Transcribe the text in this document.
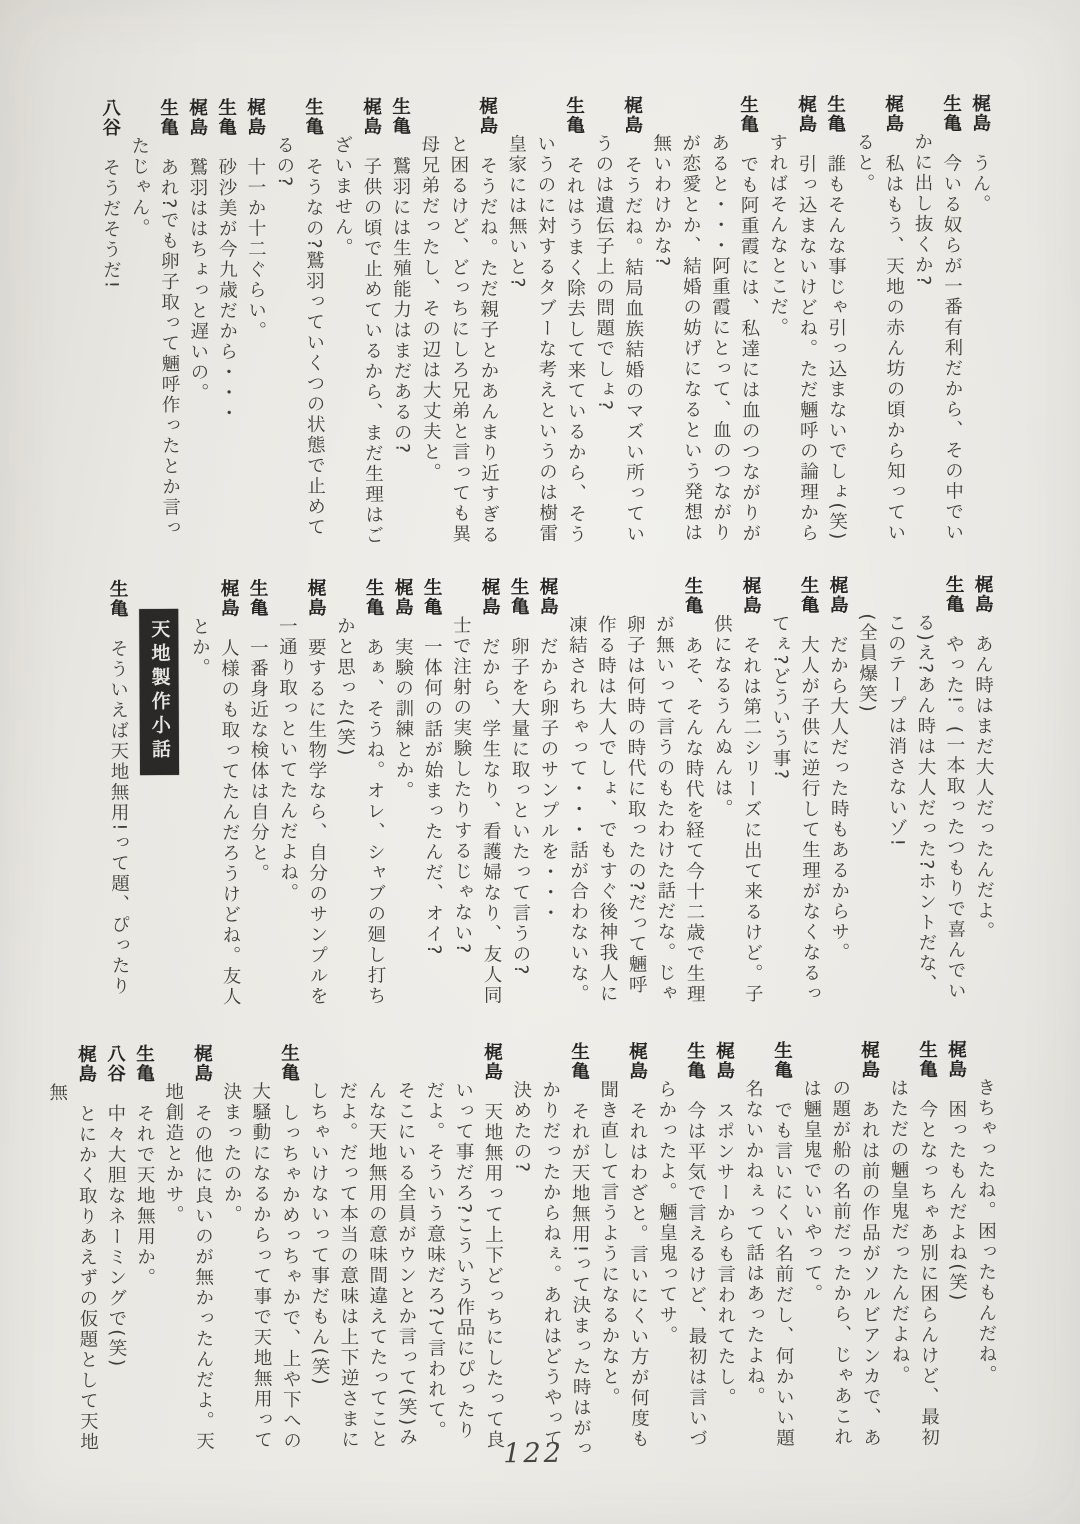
梶島　うん。

生亀　今いる奴らが一番有利だから、その中でいかに出し抜くか?

梶島　私はもう、天地の赤ん坊の頃から知っていると。

生亀　誰もそんな事じゃ引っ込まないでしょ(笑)

梶島　引っ込まないけどね。ただ魎呼の論理からすればそんなとこだ。

生亀　でも阿重霞には、私達には血のつながりがあると・・・阿重霞にとって、血のつながりが恋愛とか、結婚の妨げになるという発想は無いわけかな?

梶島　そうだね。結局血族結婚のマズい所っていうのは遺伝子上の問題でしょ?

生亀　それはうまく除去して来ているから、そういうのに対するタブーな考えというのは樹雷皇家には無いと?

梶島　そうだね。ただ親子とかあんまり近すぎると困るけど、どっちにしろ兄弟と言っても異母兄弟だったし、その辺は大丈夫と。

生亀　鷲羽には生殖能力はまだあるの?

梶島　子供の頃で止めているから、まだ生理はございません。

生亀　そうなの?鷲羽っていくつの状態で止めてるの?

梶島　十一か十二ぐらい。

生亀　砂沙美が今九歳だから・・・

梶島　鷲羽ははちょっと遅いの。

生亀　あれ?でも卵子取って魎呼作ったとか言ったじゃん。

八谷　そうだそうだ!

梶島　あん時はまだ大人だったんだよ。

生亀　やった!。(一本取ったつもりで喜んでいる)え?あん時は大人だった?ホントだな、このテープは消さないゾ!

(全員爆笑)

梶島　だから大人だった時もあるからサ。

生亀　大人が子供に逆行して生理がなくなるってぇ?どういう事?

梶島　それは第二シリーズに出て来るけど。子供になるうんぬんは。

生亀　あそ、そんな時代を経て今十二歳で生理が無いって言うのもたわけた話だな。じゃ卵子は何時の時代に取ったの?だって魎呼作る時は大人でしょ、でもすぐ後神我人に凍結されちゃって・・・話が合わないな。

梶島　だから卵子のサンプルを・・・

生亀　卵子を大量に取っといたって言うの?

梶島　だから、学生なり、看護婦なり、友人同士で注射の実験したりするじゃない?

生亀　一体何の話が始まったんだ、オイ?

梶島　実験の訓練とか。

生亀　あぁ、そうね。オレ、シャブの廻し打ちかと思った(笑)

梶島　要するに生物学なら、自分のサンプルを一通り取っといてたんだよね。

生亀　一番身近な検体は自分と。

梶島　人様のも取ってたんだろうけどね。友人とか。

天地製作小話

生亀　そういえば天地無用!って題、ぴったり

きちゃったね。困ったもんだね。

梶島　困ったもんだよね(笑)

生亀　今となっちゃあ別に困らんけど、最初はただの魎皇鬼だったんだよね。

梶島　あれは前の作品がソルビアンカで、あの題が船の名前だったから、じゃあこれは魎皇鬼でいいやって。

生亀　でも言いにくい名前だし、何かいい題名ないかねぇって話はあったよね。

梶島　スポンサーからも言われてたし。

生亀　今は平気で言えるけど、最初は言いづらかったよ。魎皇鬼ってサ。

梶島　それはわざと。言いにくい方が何度も聞き直して言うようになるかなと。

生亀　それが天地無用!って決まった時はがっかりだったからねぇ。あれはどうやって決めたの?

梶島　天地無用って上下どっちにしたって良いって事だろ?こういう作品にぴったりだよ。そういう意味だろ?て言われて。そこにいる全員がウンとか言って(笑)みんな天地無用の意味間違えてたってことだよ。だって本当の意味は上下逆さまにしちゃいけないって事だもん(笑)

生亀　しっちゃかめっちゃかで、上や下への大騒動になるからって事で天地無用って決まったのか。

梶島　その他に良いのが無かったんだよ。天地創造とかサ。

生亀　それで天地無用か。

八谷　中々大胆なネーミングで(笑)

梶島　とにかく取りあえずの仮題として天地無

122
